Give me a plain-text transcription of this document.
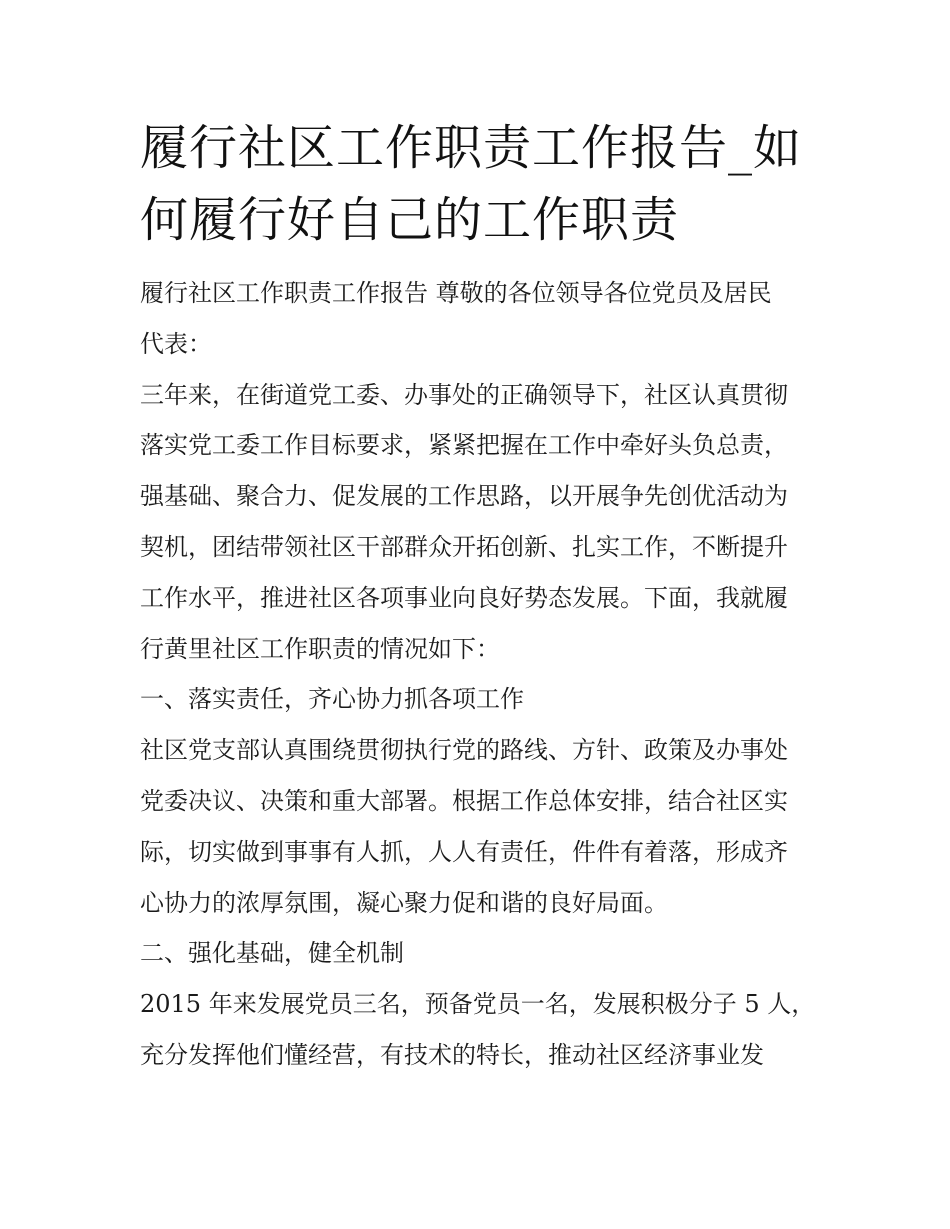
履行社区工作职责工作报告_如
何履行好自己的工作职责
履行社区工作职责工作报告 尊敬的各位领导各位党员及居民
代表：
三年来，在街道党工委、办事处的正确领导下，社区认真贯彻
落实党工委工作目标要求，紧紧把握在工作中牵好头负总责，
强基础、聚合力、促发展的工作思路，以开展争先创优活动为
契机，团结带领社区干部群众开拓创新、扎实工作，不断提升
工作水平，推进社区各项事业向良好势态发展。下面，我就履
行黄里社区工作职责的情况如下：
一、落实责任，齐心协力抓各项工作
社区党支部认真围绕贯彻执行党的路线、方针、政策及办事处
党委决议、决策和重大部署。根据工作总体安排，结合社区实
际，切实做到事事有人抓，人人有责任，件件有着落，形成齐
心协力的浓厚氛围，凝心聚力促和谐的良好局面。
二、强化基础，健全机制
2015 年来发展党员三名，预备党员一名，发展积极分子 5 人，
充分发挥他们懂经营，有技术的特长，推动社区经济事业发
